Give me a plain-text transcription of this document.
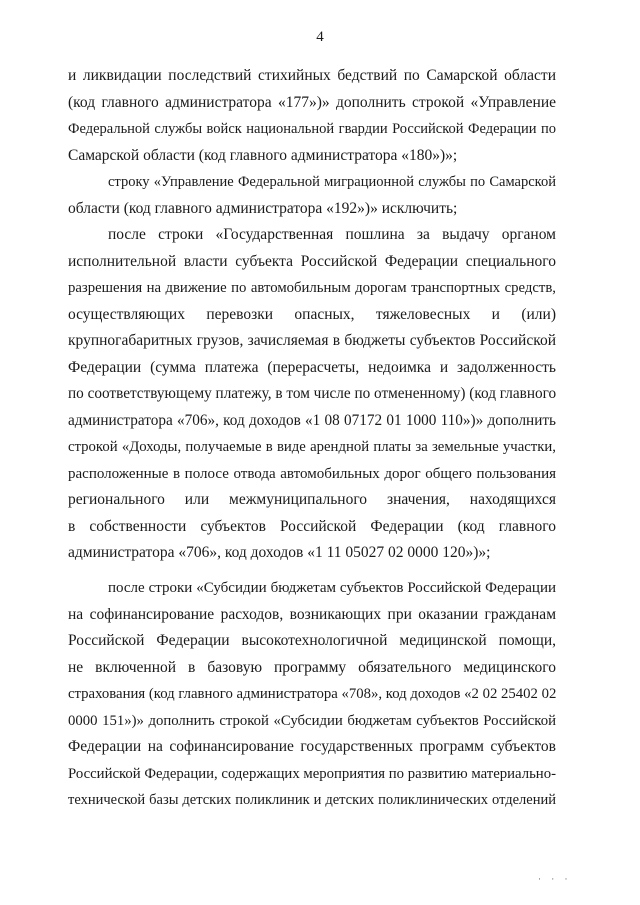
4
и ликвидации последствий стихийных бедствий по Самарской области
(код главного администратора «177»)» дополнить строкой «Управление
Федеральной службы войск национальной гвардии Российской Федерации по
Самарской области (код главного администратора «180»)»;
строку «Управление Федеральной миграционной службы по Самарской
области (код главного администратора «192»)» исключить;
после строки «Государственная пошлина за выдачу органом
исполнительной власти субъекта Российской Федерации специального
разрешения на движение по автомобильным дорогам транспортных средств,
осуществляющих перевозки опасных, тяжеловесных и (или)
крупногабаритных грузов, зачисляемая в бюджеты субъектов Российской
Федерации (сумма платежа (перерасчеты, недоимка и задолженность
по соответствующему платежу, в том числе по отмененному) (код главного
администратора «706», код доходов «1 08 07172 01 1000 110»)» дополнить
строкой «Доходы, получаемые в виде арендной платы за земельные участки,
расположенные в полосе отвода автомобильных дорог общего пользования
регионального или межмуниципального значения, находящихся
в собственности субъектов Российской Федерации (код главного
администратора «706», код доходов «1 11 05027 02 0000 120»)»;
после строки «Субсидии бюджетам субъектов Российской Федерации
на софинансирование расходов, возникающих при оказании гражданам
Российской Федерации высокотехнологичной медицинской помощи,
не включенной в базовую программу обязательного медицинского
страхования (код главного администратора «708», код доходов «2 02 25402 02
0000 151»)» дополнить строкой «Субсидии бюджетам субъектов Российской
Федерации на софинансирование государственных программ субъектов
Российской Федерации, содержащих мероприятия по развитию материально-
технической базы детских поликлиник и детских поликлинических отделений
· · ·
